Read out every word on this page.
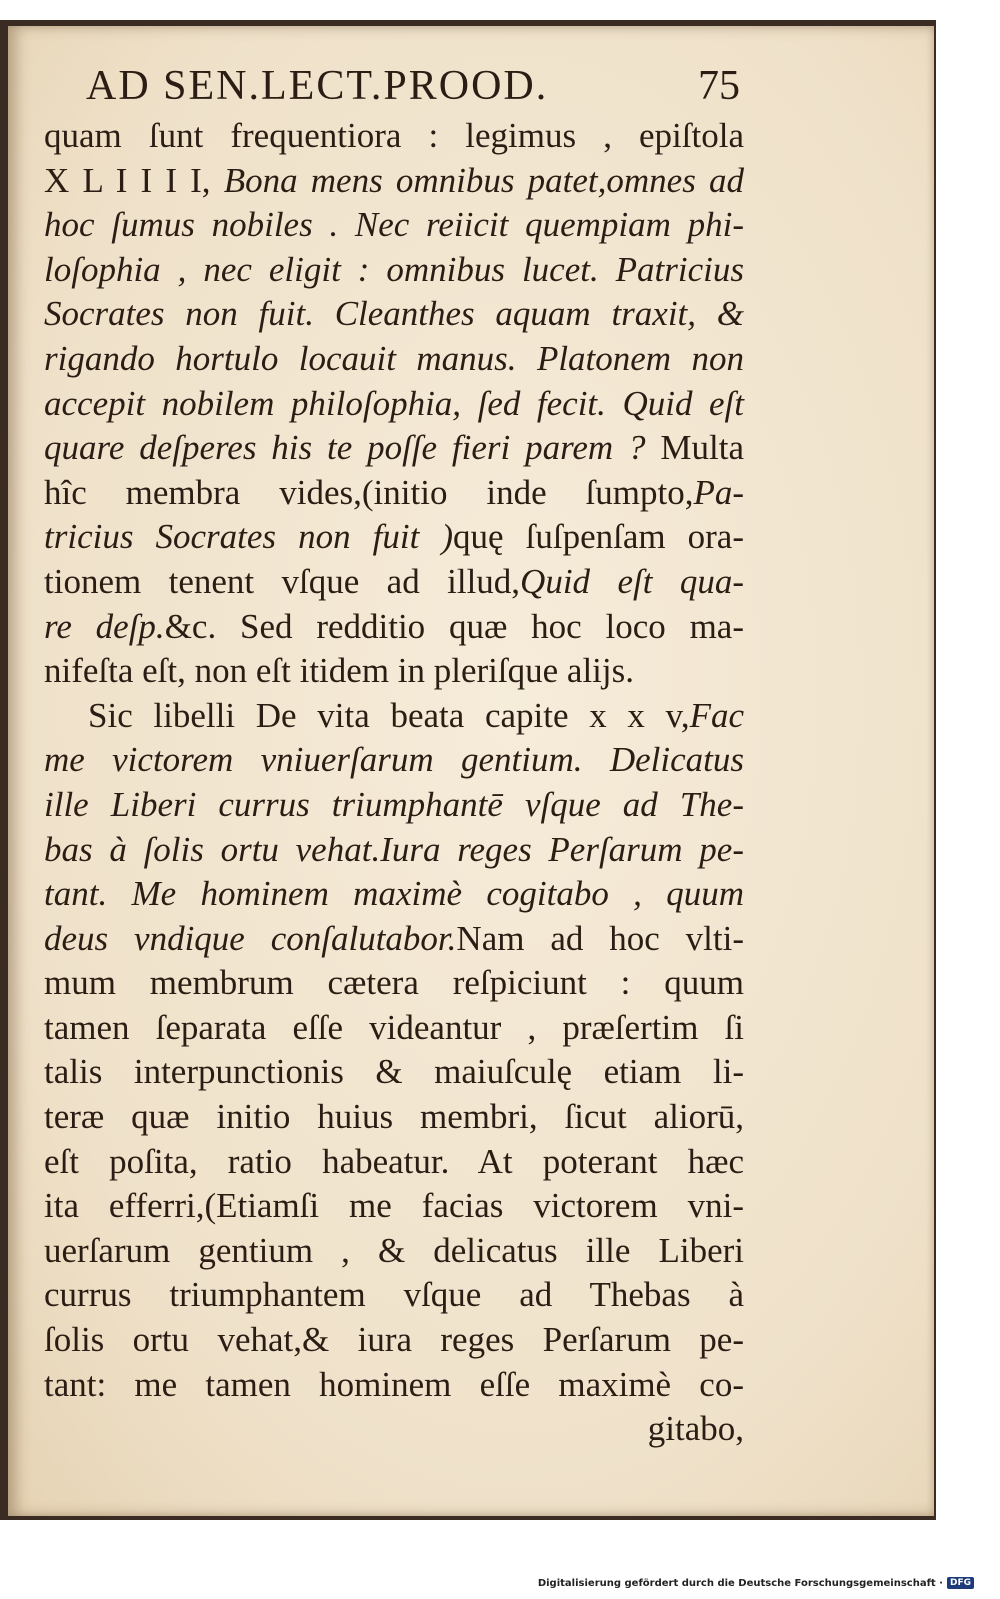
AD SEN.LECT.PROOD.	75
quam ſunt frequentiora : legimus , epiſtola
X L I I I I, Bona mens omnibus patet,omnes ad
hoc ſumus nobiles . Nec reiicit quempiam phi-
loſophia , nec eligit : omnibus lucet. Patricius
Socrates non fuit. Cleanthes aquam traxit, &
rigando hortulo locauit manus. Platonem non
accepit nobilem philoſophia, ſed fecit. Quid eſt
quare deſperes his te poſſe fieri parem ? Multa
hîc membra vides,(initio inde ſumpto,Pa-
tricius Socrates non fuit )quę ſuſpenſam ora-
tionem tenent vſque ad illud,Quid eſt qua-
re deſp.&c. Sed redditio quæ hoc loco ma-
nifeſta eſt, non eſt itidem in pleriſque alijs.
Sic libelli De vita beata capite x x v,Fac
me victorem vniuerſarum gentium. Delicatus
ille Liberi currus triumphantē vſque ad The-
bas à ſolis ortu vehat.Iura reges Perſarum pe-
tant. Me hominem maximè cogitabo , quum
deus vndique conſalutabor.Nam ad hoc vlti-
mum membrum cætera reſpiciunt : quum
tamen ſeparata eſſe videantur , præſertim ſi
talis interpunctionis & maiuſculę etiam li-
teræ quæ initio huius membri, ſicut aliorū,
eſt poſita, ratio habeatur. At poterant hæc
ita efferri,(Etiamſi me facias victorem vni-
uerſarum gentium , & delicatus ille Liberi
currus triumphantem vſque ad Thebas à
ſolis ortu vehat,& iura reges Perſarum pe-
tant: me tamen hominem eſſe maximè co-
gitabo,
Digitalisierung gefördert durch die Deutsche Forschungsgemeinschaft · DFG
